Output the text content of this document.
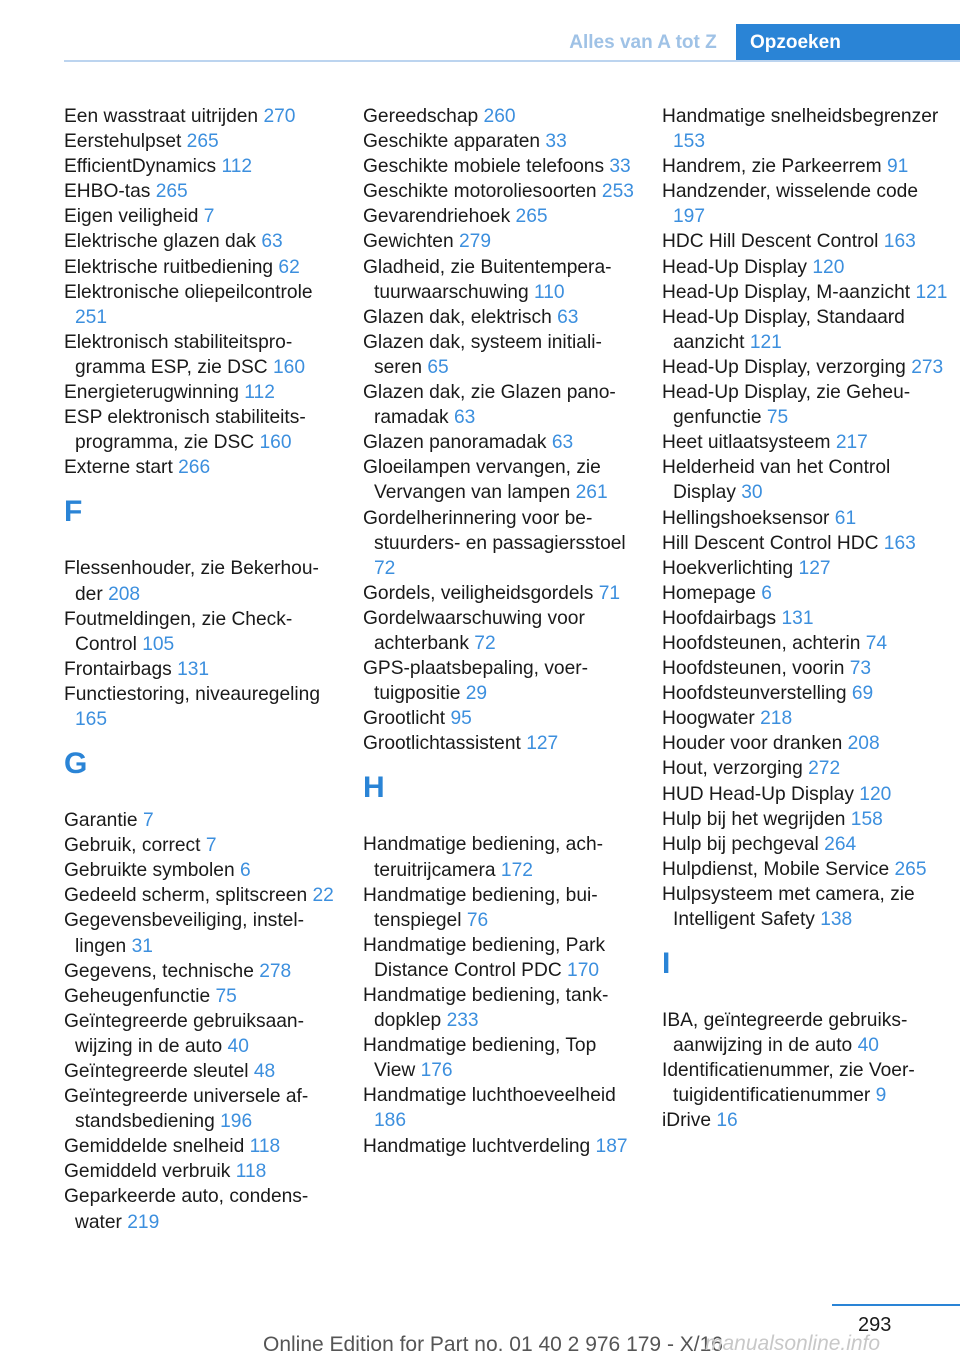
Alles van A tot Z	Opzoeken
Een wasstraat uitrijden 270
Eerstehulpset 265
EfficientDynamics 112
EHBO-tas 265
Eigen veiligheid 7
Elektrische glazen dak 63
Elektrische ruitbediening 62
Elektronische oliepeilcontrole 251
Elektronisch stabiliteitsprogramma ESP, zie DSC 160
Energieterugwinning 112
ESP elektronisch stabiliteitsprogramma, zie DSC 160
Externe start 266
F
Flessenhouder, zie Bekerhouder 208
Foutmeldingen, zie Check-Control 105
Frontairbags 131
Functiestoring, niveauregeling 165
G
Garantie 7
Gebruik, correct 7
Gebruikte symbolen 6
Gedeeld scherm, splitscreen 22
Gegevensbeveiliging, instellingen 31
Gegevens, technische 278
Geheugenfunctie 75
Geïntegreerde gebruiksaanwijzing in de auto 40
Geïntegreerde sleutel 48
Geïntegreerde universele afstandsbediening 196
Gemiddelde snelheid 118
Gemiddeld verbruik 118
Geparkeerde auto, condenswater 219
Gereedschap 260
Geschikte apparaten 33
Geschikte mobiele telefoons 33
Geschikte motoroliesoorten 253
Gevarendriehoek 265
Gewichten 279
Gladheid, zie Buitentemperatuurwaarschuwing 110
Glazen dak, elektrisch 63
Glazen dak, systeem initialiseren 65
Glazen dak, zie Glazen panoramadak 63
Glazen panoramadak 63
Gloeilampen vervangen, zie Vervangen van lampen 261
Gordelherinnering voor bestuurders- en passagiersstoel 72
Gordels, veiligheidsgordels 71
Gordelwaarschuwing voor achterbank 72
GPS-plaatsbepaling, voertuigpositie 29
Grootlicht 95
Grootlichtassistent 127
H
Handmatige bediening, achteruitrijcamera 172
Handmatige bediening, buitenspiegel 76
Handmatige bediening, Park Distance Control PDC 170
Handmatige bediening, tankdopklep 233
Handmatige bediening, Top View 176
Handmatige luchthoeveelheid 186
Handmatige luchtverdeling 187
Handmatige snelheidsbegrenzer 153
Handrem, zie Parkeerrem 91
Handzender, wisselende code 197
HDC Hill Descent Control 163
Head-Up Display 120
Head-Up Display, M-aanzicht 121
Head-Up Display, Standaard aanzicht 121
Head-Up Display, verzorging 273
Head-Up Display, zie Geheugenfunctie 75
Heet uitlaatsysteem 217
Helderheid van het Control Display 30
Hellingshoeksensor 61
Hill Descent Control HDC 163
Hoekverlichting 127
Homepage 6
Hoofdairbags 131
Hoofdsteunen, achterin 74
Hoofdsteunen, voorin 73
Hoofdsteunverstelling 69
Hoogwater 218
Houder voor dranken 208
Hout, verzorging 272
HUD Head-Up Display 120
Hulp bij het wegrijden 158
Hulp bij pechgeval 264
Hulpdienst, Mobile Service 265
Hulpsysteem met camera, zie Intelligent Safety 138
I
IBA, geïntegreerde gebruiksaanwijzing in de auto 40
Identificatienummer, zie Voertuigidentificatienummer 9
iDrive 16
293
Online Edition for Part no. 01 40 2 976 179 - X/16
manualsonline.info
